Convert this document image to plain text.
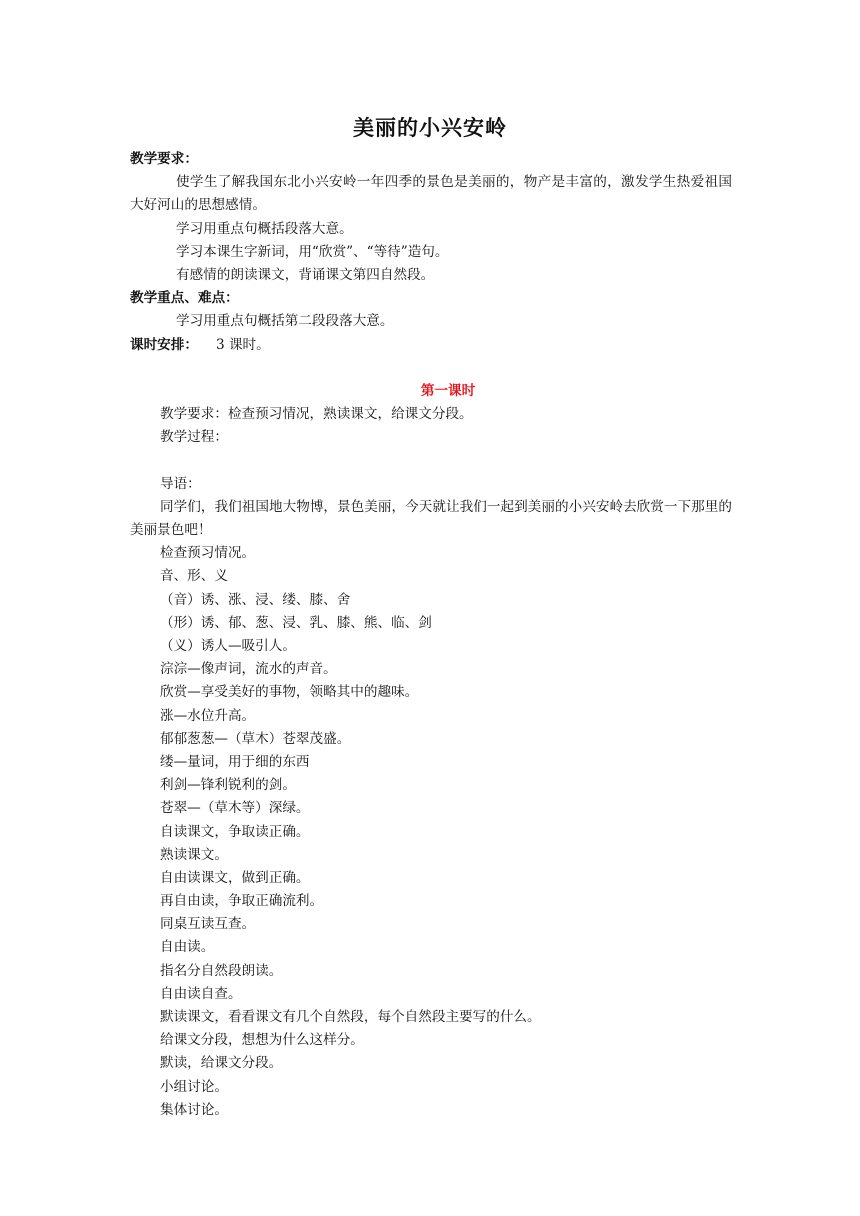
美丽的小兴安岭
教学要求：
使学生了解我国东北小兴安岭一年四季的景色是美丽的，物产是丰富的，激发学生热爱祖国大好河山的思想感情。
学习用重点句概括段落大意。
学习本课生字新词，用“欣赏”、“等待”造句。
有感情的朗读课文，背诵课文第四自然段。
教学重点、难点：
学习用重点句概括第二段段落大意。
课时安排： 3 课时。
第一课时
教学要求：检查预习情况，熟读课文，给课文分段。
教学过程：
导语：
同学们，我们祖国地大物博，景色美丽，今天就让我们一起到美丽的小兴安岭去欣赏一下那里的美丽景色吧！
检查预习情况。
音、形、义
（音）诱、涨、浸、缕、膝、舍
（形）诱、郁、葱、浸、乳、膝、熊、临、剑
（义）诱人—吸引人。
淙淙—像声词，流水的声音。
欣赏—享受美好的事物，领略其中的趣味。
涨—水位升高。
郁郁葱葱—（草木）苍翠茂盛。
缕—量词，用于细的东西
利剑—锋利锐利的剑。
苍翠—（草木等）深绿。
自读课文，争取读正确。
熟读课文。
自由读课文，做到正确。
再自由读，争取正确流利。
同桌互读互查。
自由读。
指名分自然段朗读。
自由读自查。
默读课文，看看课文有几个自然段，每个自然段主要写的什么。
给课文分段，想想为什么这样分。
默读，给课文分段。
小组讨论。
集体讨论。
